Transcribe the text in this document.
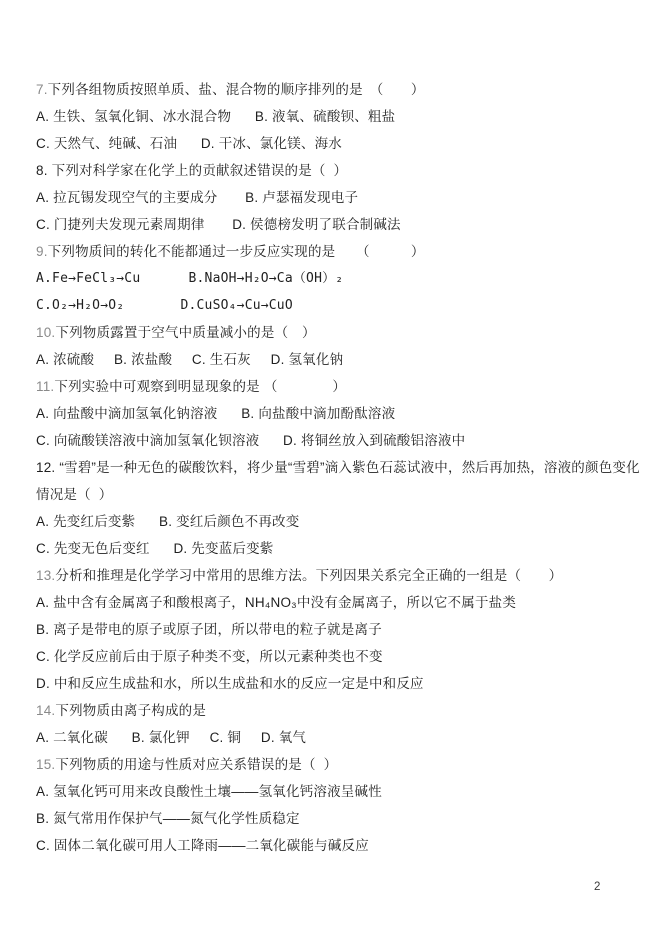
7.下列各组物质按照单质、盐、混合物的顺序排列的是　（　　）
A. 生铁、氢氧化铜、冰水混合物      B. 液氧、硫酸钡、粗盐
C. 天然气、纯碱、石油      D. 干冰、氯化镁、海水
8. 下列对科学家在化学上的贡献叙述错误的是（  ）
A. 拉瓦锡发现空气的主要成分       B. 卢瑟福发现电子
C. 门捷列夫发现元素周期律       D. 侯德榜发明了联合制碱法
9.下列物质间的转化不能都通过一步反应实现的是　　（　　　）
A.Fe→FeCl₃→Cu      B.NaOH→H₂O→Ca（OH）₂
C.O₂→H₂O→O₂       D.CuSO₄→Cu→CuO
10.下列物质露置于空气中质量减小的是（　）
A. 浓硫酸     B. 浓盐酸     C. 生石灰     D. 氢氧化钠
11.下列实验中可观察到明显现象的是 （　　　　）
A. 向盐酸中滴加氢氧化钠溶液      B. 向盐酸中滴加酚酞溶液
C. 向硫酸镁溶液中滴加氢氧化钡溶液      D. 将铜丝放入到硫酸铝溶液中
12. “雪碧”是一种无色的碳酸饮料，将少量“雪碧”滴入紫色石蕊试液中，然后再加热，溶液的颜色变化
情况是（  ）
A. 先变红后变紫      B. 变红后颜色不再改变
C. 先变无色后变红      D. 先变蓝后变紫
13.分析和推理是化学学习中常用的思维方法。下列因果关系完全正确的一组是（　　）
A. 盐中含有金属离子和酸根离子，NH₄NO₃中没有金属离子，所以它不属于盐类
B. 离子是带电的原子或原子团，所以带电的粒子就是离子
C. 化学反应前后由于原子种类不变，所以元素种类也不变
D. 中和反应生成盐和水，所以生成盐和水的反应一定是中和反应
14.下列物质由离子构成的是
A. 二氧化碳      B. 氯化钾     C. 铜     D. 氧气
15.下列物质的用途与性质对应关系错误的是（  ）
A. 氢氧化钙可用来改良酸性土壤——氢氧化钙溶液呈碱性
B. 氮气常用作保护气——氮气化学性质稳定
C. 固体二氧化碳可用人工降雨——二氧化碳能与碱反应
2
